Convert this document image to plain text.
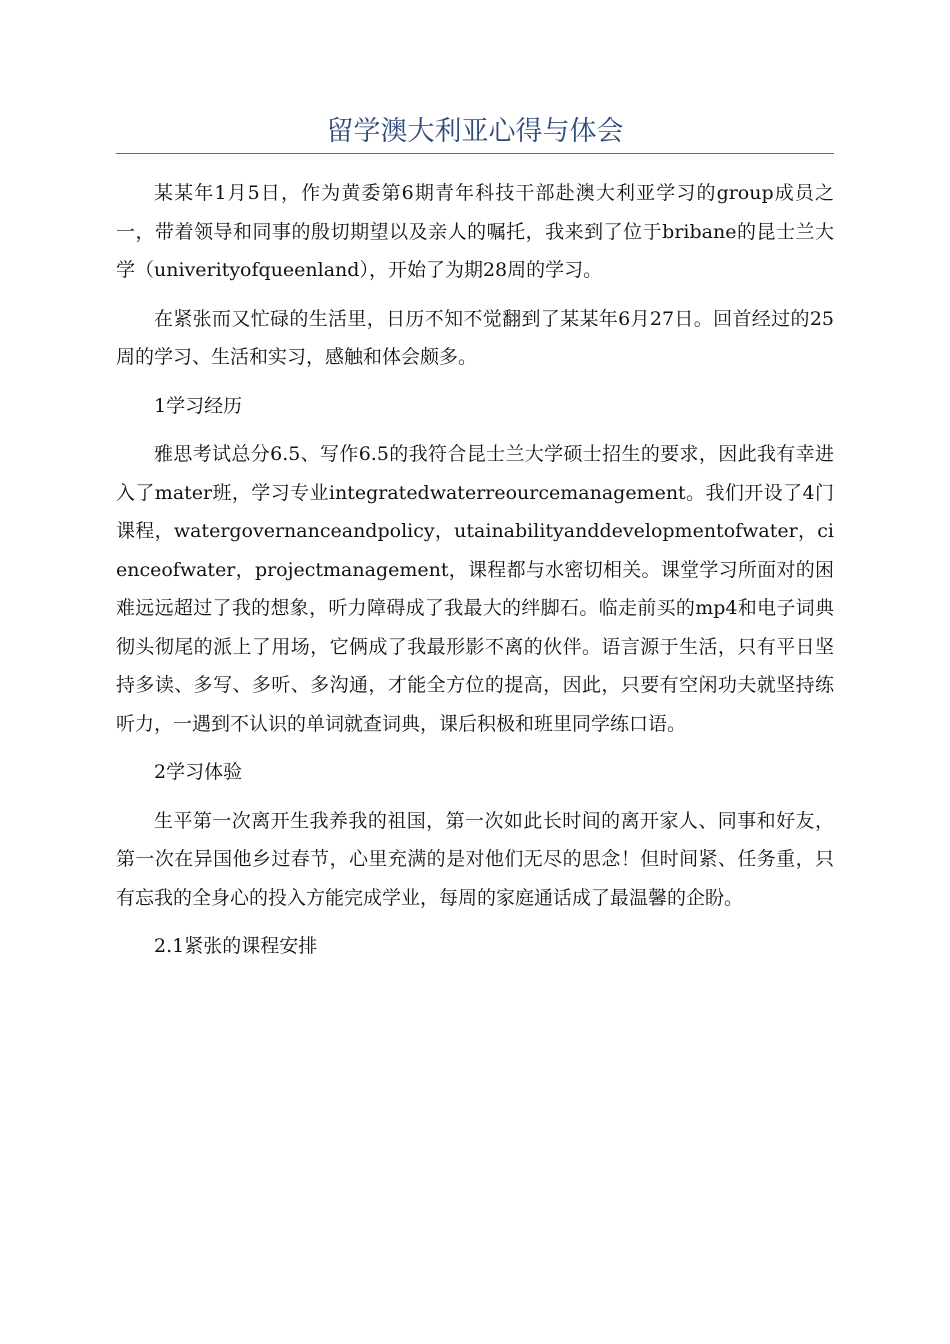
留学澳大利亚心得与体会

某某年1月5日，作为黄委第6期青年科技干部赴澳大利亚学习的group成员之一，带着领导和同事的殷切期望以及亲人的嘱托，我来到了位于bribane的昆士兰大学（univerityofqueenland），开始了为期28周的学习。

在紧张而又忙碌的生活里，日历不知不觉翻到了某某年6月27日。回首经过的25周的学习、生活和实习，感触和体会颇多。

1学习经历

雅思考试总分6.5、写作6.5的我符合昆士兰大学硕士招生的要求，因此我有幸进入了mater班，学习专业integratedwaterreourcemanagement。我们开设了4门课程，watergovernanceandpolicy，utainabilityanddevelopmentofwater，cienceofwater，projectmanagement，课程都与水密切相关。课堂学习所面对的困难远远超过了我的想象，听力障碍成了我最大的绊脚石。临走前买的mp4和电子词典彻头彻尾的派上了用场，它俩成了我最形影不离的伙伴。语言源于生活，只有平日坚持多读、多写、多听、多沟通，才能全方位的提高，因此，只要有空闲功夫就坚持练听力，一遇到不认识的单词就查词典，课后积极和班里同学练口语。

2学习体验

生平第一次离开生我养我的祖国，第一次如此长时间的离开家人、同事和好友，第一次在异国他乡过春节，心里充满的是对他们无尽的思念！但时间紧、任务重，只有忘我的全身心的投入方能完成学业，每周的家庭通话成了最温馨的企盼。

2.1紧张的课程安排
